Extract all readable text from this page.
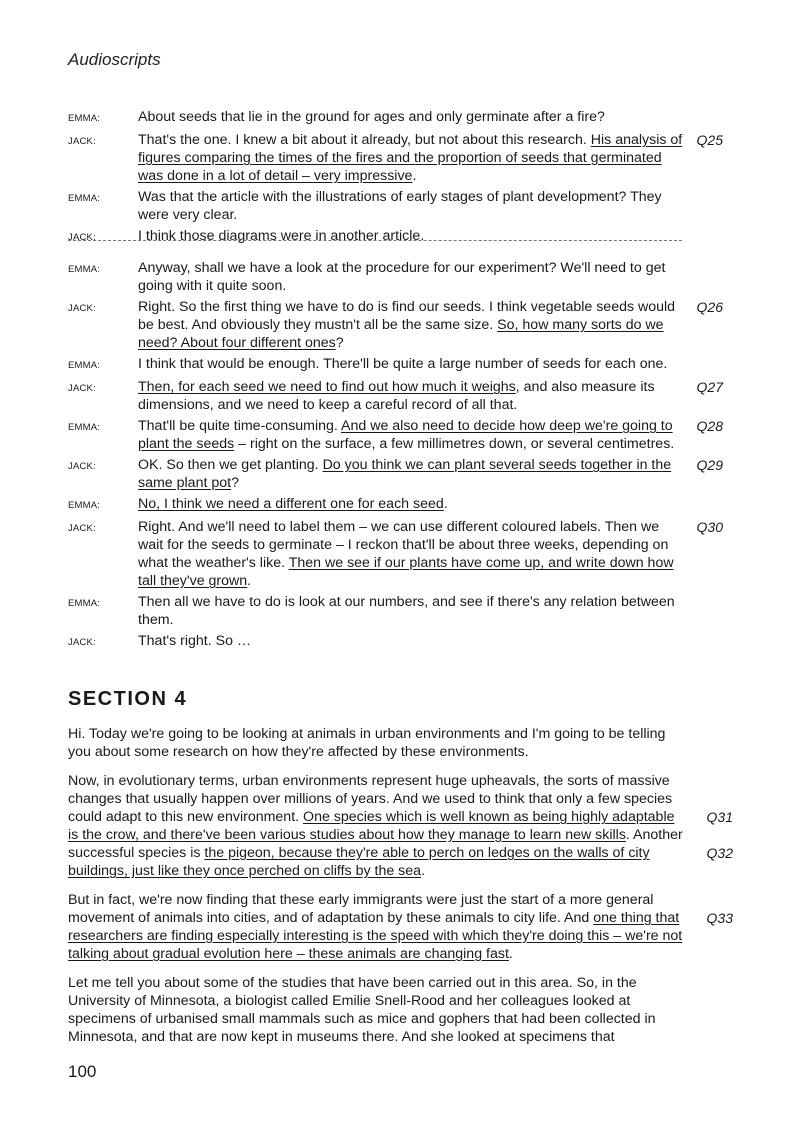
Audioscripts
EMMA:	About seeds that lie in the ground for ages and only germinate after a fire?
JACK:	That's the one. I knew a bit about it already, but not about this research. His analysis of figures comparing the times of the fires and the proportion of seeds that germinated was done in a lot of detail – very impressive.
Q25
EMMA:	Was that the article with the illustrations of early stages of plant development? They were very clear.
JACK:	I think those diagrams were in another article.
EMMA:	Anyway, shall we have a look at the procedure for our experiment? We'll need to get going with it quite soon.
JACK:	Right. So the first thing we have to do is find our seeds. I think vegetable seeds would be best. And obviously they mustn't all be the same size. So, how many sorts do we need? About four different ones?
Q26
EMMA:	I think that would be enough. There'll be quite a large number of seeds for each one.
JACK:	Then, for each seed we need to find out how much it weighs, and also measure its dimensions, and we need to keep a careful record of all that.
Q27
EMMA:	That'll be quite time-consuming. And we also need to decide how deep we're going to plant the seeds – right on the surface, a few millimetres down, or several centimetres.
Q28
JACK:	OK. So then we get planting. Do you think we can plant several seeds together in the same plant pot?
Q29
EMMA:	No, I think we need a different one for each seed.
JACK:	Right. And we'll need to label them – we can use different coloured labels. Then we wait for the seeds to germinate – I reckon that'll be about three weeks, depending on what the weather's like. Then we see if our plants have come up, and write down how tall they've grown.
Q30
EMMA:	Then all we have to do is look at our numbers, and see if there's any relation between them.
JACK:	That's right. So …
SECTION 4
Hi. Today we're going to be looking at animals in urban environments and I'm going to be telling you about some research on how they're affected by these environments.
Now, in evolutionary terms, urban environments represent huge upheavals, the sorts of massive changes that usually happen over millions of years. And we used to think that only a few species could adapt to this new environment. One species which is well known as being highly adaptable is the crow, and there've been various studies about how they manage to learn new skills. Another successful species is the pigeon, because they're able to perch on ledges on the walls of city buildings, just like they once perched on cliffs by the sea.
Q31
Q32
But in fact, we're now finding that these early immigrants were just the start of a more general movement of animals into cities, and of adaptation by these animals to city life. And one thing that researchers are finding especially interesting is the speed with which they're doing this – we're not talking about gradual evolution here – these animals are changing fast.
Q33
Let me tell you about some of the studies that have been carried out in this area. So, in the University of Minnesota, a biologist called Emilie Snell-Rood and her colleagues looked at specimens of urbanised small mammals such as mice and gophers that had been collected in Minnesota, and that are now kept in museums there. And she looked at specimens that
100
